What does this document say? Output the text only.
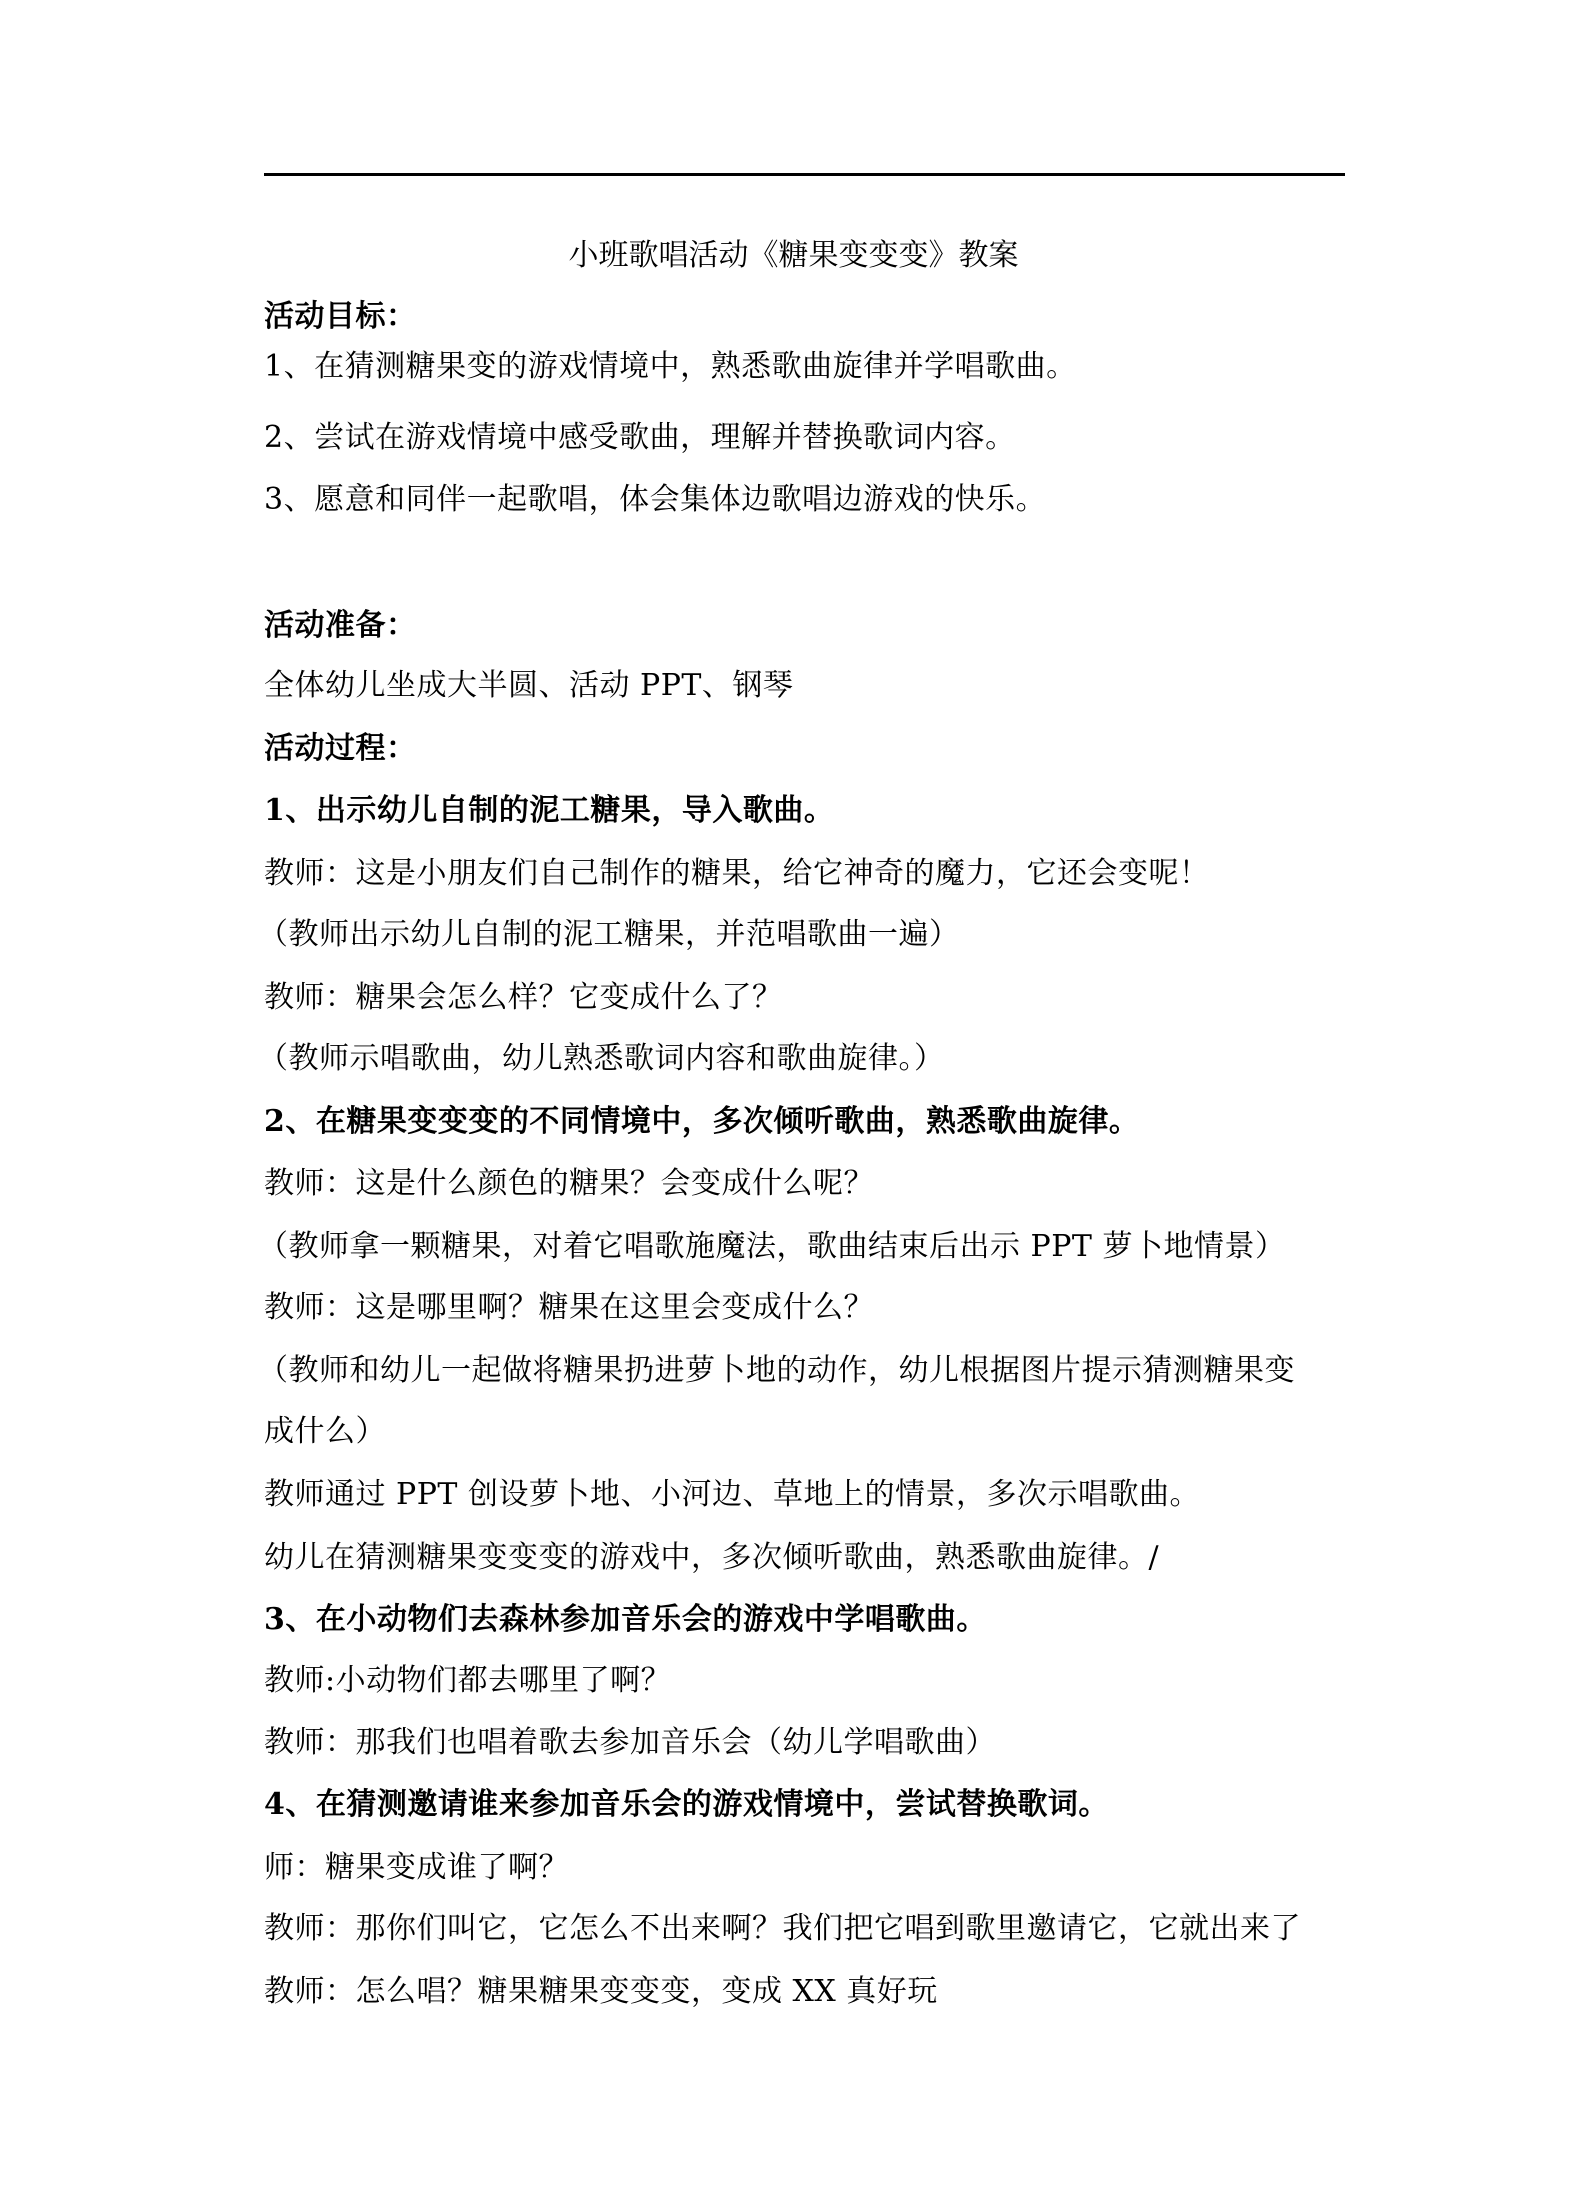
小班歌唱活动《糖果变变变》教案
活动目标：
1、在猜测糖果变的游戏情境中，熟悉歌曲旋律并学唱歌曲。
2、尝试在游戏情境中感受歌曲，理解并替换歌词内容。
3、愿意和同伴一起歌唱，体会集体边歌唱边游戏的快乐。
活动准备：
全体幼儿坐成大半圆、活动 PPT、钢琴
活动过程：
1、出示幼儿自制的泥工糖果，导入歌曲。
教师：这是小朋友们自己制作的糖果，给它神奇的魔力，它还会变呢！
（教师出示幼儿自制的泥工糖果，并范唱歌曲一遍）
教师：糖果会怎么样？它变成什么了？
（教师示唱歌曲，幼儿熟悉歌词内容和歌曲旋律。）
2、在糖果变变变的不同情境中，多次倾听歌曲，熟悉歌曲旋律。
教师：这是什么颜色的糖果？会变成什么呢？
（教师拿一颗糖果，对着它唱歌施魔法，歌曲结束后出示 PPT 萝卜地情景）
教师：这是哪里啊？糖果在这里会变成什么？
（教师和幼儿一起做将糖果扔进萝卜地的动作，幼儿根据图片提示猜测糖果变
成什么）
教师通过 PPT 创设萝卜地、小河边、草地上的情景，多次示唱歌曲。
幼儿在猜测糖果变变变的游戏中，多次倾听歌曲，熟悉歌曲旋律。/
3、在小动物们去森林参加音乐会的游戏中学唱歌曲。
教师:小动物们都去哪里了啊？
教师：那我们也唱着歌去参加音乐会（幼儿学唱歌曲）
4、在猜测邀请谁来参加音乐会的游戏情境中，尝试替换歌词。
师：糖果变成谁了啊？
教师：那你们叫它，它怎么不出来啊？我们把它唱到歌里邀请它，它就出来了
教师：怎么唱？糖果糖果变变变，变成 XX 真好玩
